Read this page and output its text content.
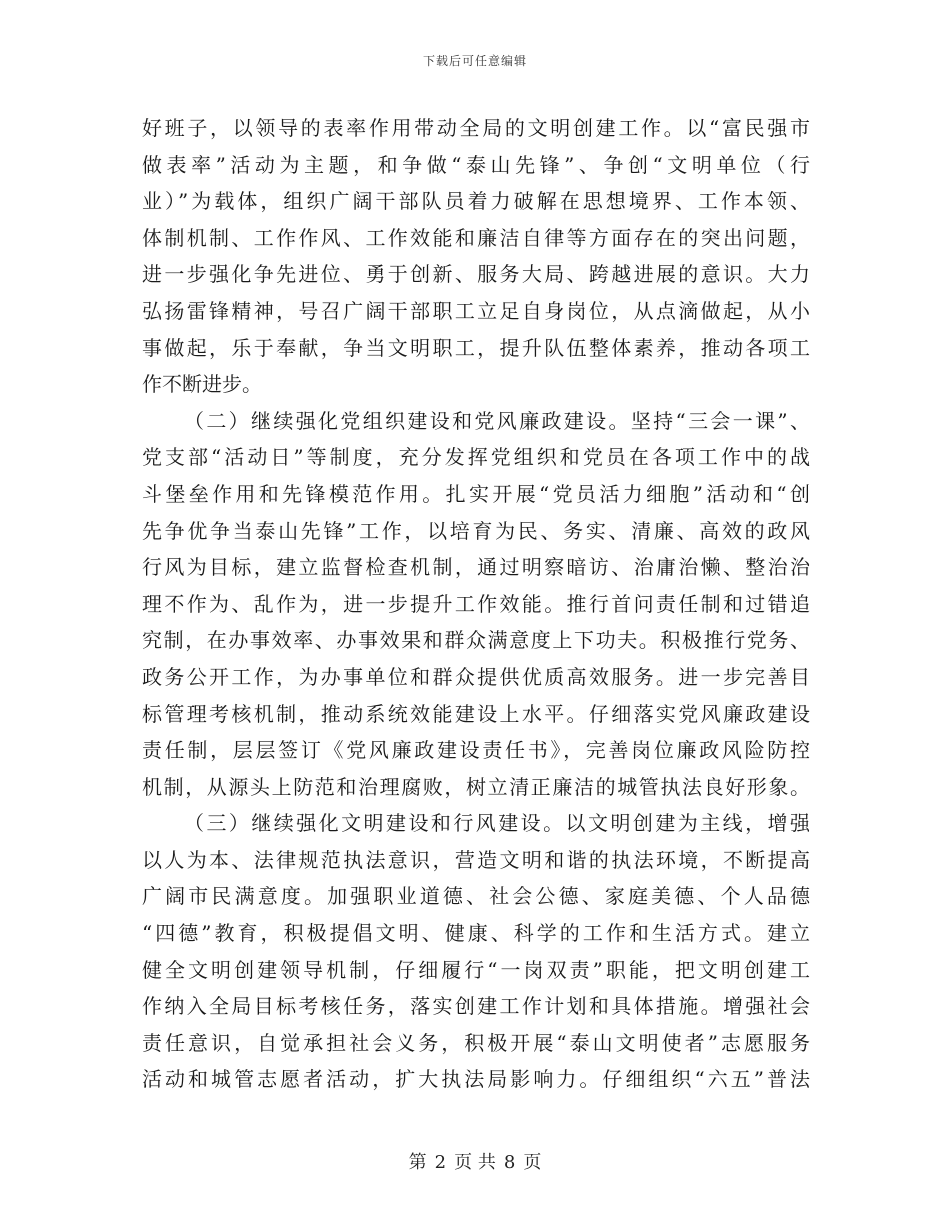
下载后可任意编辑
好班子，以领导的表率作用带动全局的文明创建工作。以“富民强市
做表率”活动为主题，和争做“泰山先锋”、争创“文明单位（行
业）”为载体，组织广阔干部队员着力破解在思想境界、工作本领、
体制机制、工作作风、工作效能和廉洁自律等方面存在的突出问题，
进一步强化争先进位、勇于创新、服务大局、跨越进展的意识。大力
弘扬雷锋精神，号召广阔干部职工立足自身岗位，从点滴做起，从小
事做起，乐于奉献，争当文明职工，提升队伍整体素养，推动各项工
作不断进步。
（二）继续强化党组织建设和党风廉政建设。坚持“三会一课”、
党支部“活动日”等制度，充分发挥党组织和党员在各项工作中的战
斗堡垒作用和先锋模范作用。扎实开展“党员活力细胞”活动和“创
先争优争当泰山先锋”工作，以培育为民、务实、清廉、高效的政风
行风为目标，建立监督检查机制，通过明察暗访、治庸治懒、整治治
理不作为、乱作为，进一步提升工作效能。推行首问责任制和过错追
究制，在办事效率、办事效果和群众满意度上下功夫。积极推行党务、
政务公开工作，为办事单位和群众提供优质高效服务。进一步完善目
标管理考核机制，推动系统效能建设上水平。仔细落实党风廉政建设
责任制，层层签订《党风廉政建设责任书》，完善岗位廉政风险防控
机制，从源头上防范和治理腐败，树立清正廉洁的城管执法良好形象。
（三）继续强化文明建设和行风建设。以文明创建为主线，增强
以人为本、法律规范执法意识，营造文明和谐的执法环境，不断提高
广阔市民满意度。加强职业道德、社会公德、家庭美德、个人品德
“四德”教育，积极提倡文明、健康、科学的工作和生活方式。建立
健全文明创建领导机制，仔细履行“一岗双责”职能，把文明创建工
作纳入全局目标考核任务，落实创建工作计划和具体措施。增强社会
责任意识，自觉承担社会义务，积极开展“泰山文明使者”志愿服务
活动和城管志愿者活动，扩大执法局影响力。仔细组织“六五”普法
第 2 页 共 8 页
